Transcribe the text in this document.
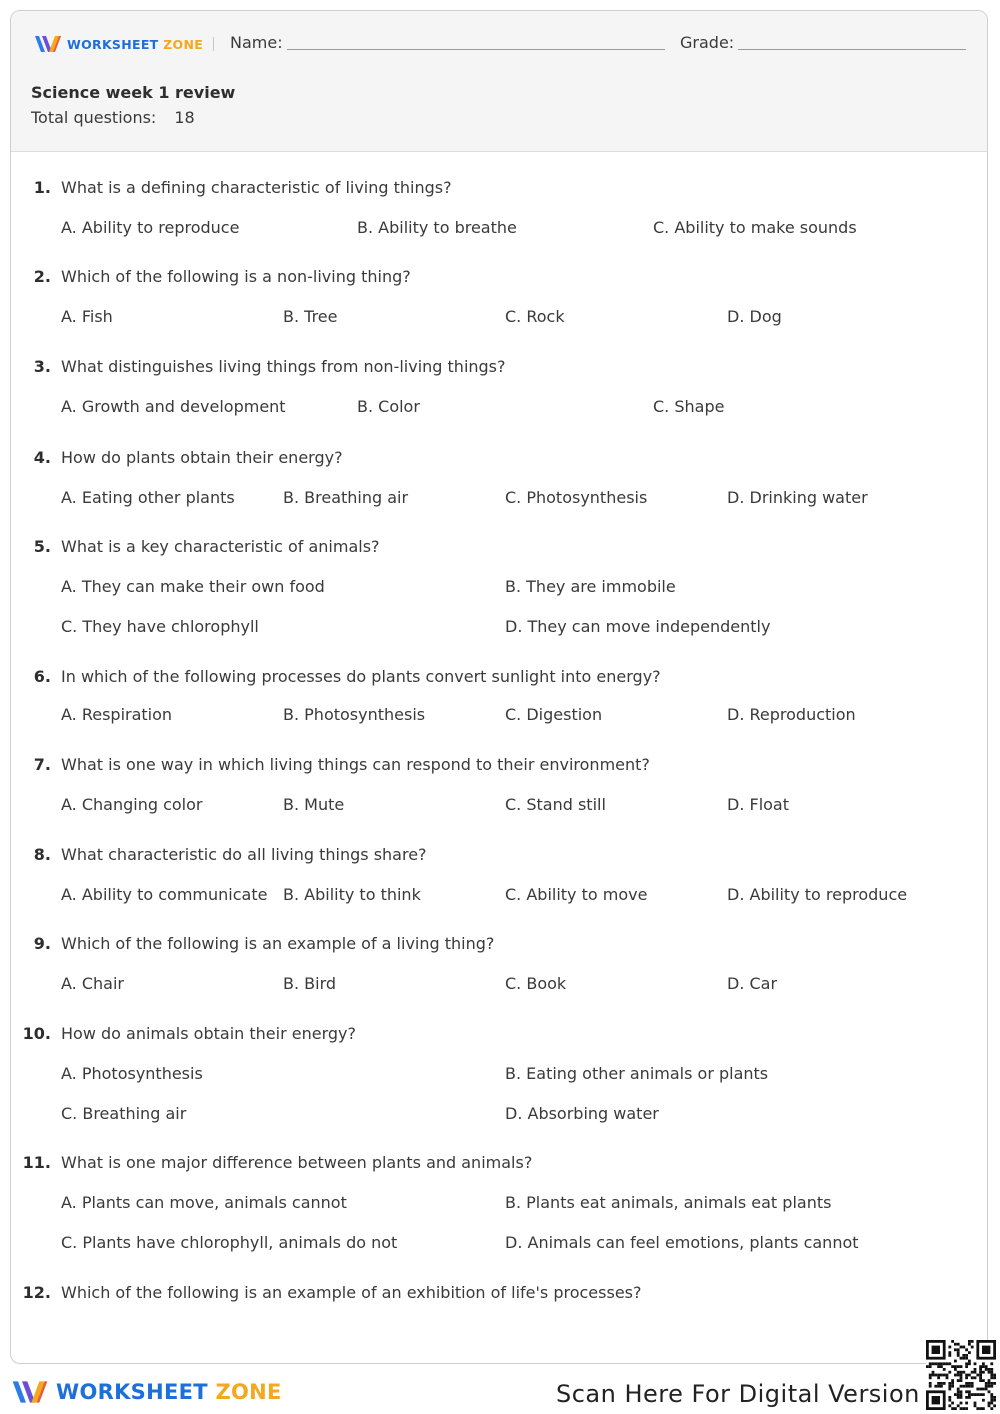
WORKSHEET ZONE Name:	Grade:
Science week 1 review
Total questions: 18
1. What is a defining characteristic of living things?
A. Ability to reproduce	B. Ability to breathe	C. Ability to make sounds
2. Which of the following is a non-living thing?
A. Fish	B. Tree	C. Rock	D. Dog
3. What distinguishes living things from non-living things?
A. Growth and development	B. Color	C. Shape
4. How do plants obtain their energy?
A. Eating other plants	B. Breathing air	C. Photosynthesis	D. Drinking water
5. What is a key characteristic of animals?
A. They can make their own food	B. They are immobile
C. They have chlorophyll	D. They can move independently
6. In which of the following processes do plants convert sunlight into energy?
A. Respiration	B. Photosynthesis	C. Digestion	D. Reproduction
7. What is one way in which living things can respond to their environment?
A. Changing color	B. Mute	C. Stand still	D. Float
8. What characteristic do all living things share?
A. Ability to communicate B. Ability to think	C. Ability to move	D. Ability to reproduce
9. Which of the following is an example of a living thing?
A. Chair	B. Bird	C. Book	D. Car
10. How do animals obtain their energy?
A. Photosynthesis	B. Eating other animals or plants
C. Breathing air	D. Absorbing water
11. What is one major difference between plants and animals?
A. Plants can move, animals cannot	B. Plants eat animals, animals eat plants
C. Plants have chlorophyll, animals do not	D. Animals can feel emotions, plants cannot
12. Which of the following is an example of an exhibition of life's processes?
WORKSHEET ZONE	Scan Here For Digital Version
